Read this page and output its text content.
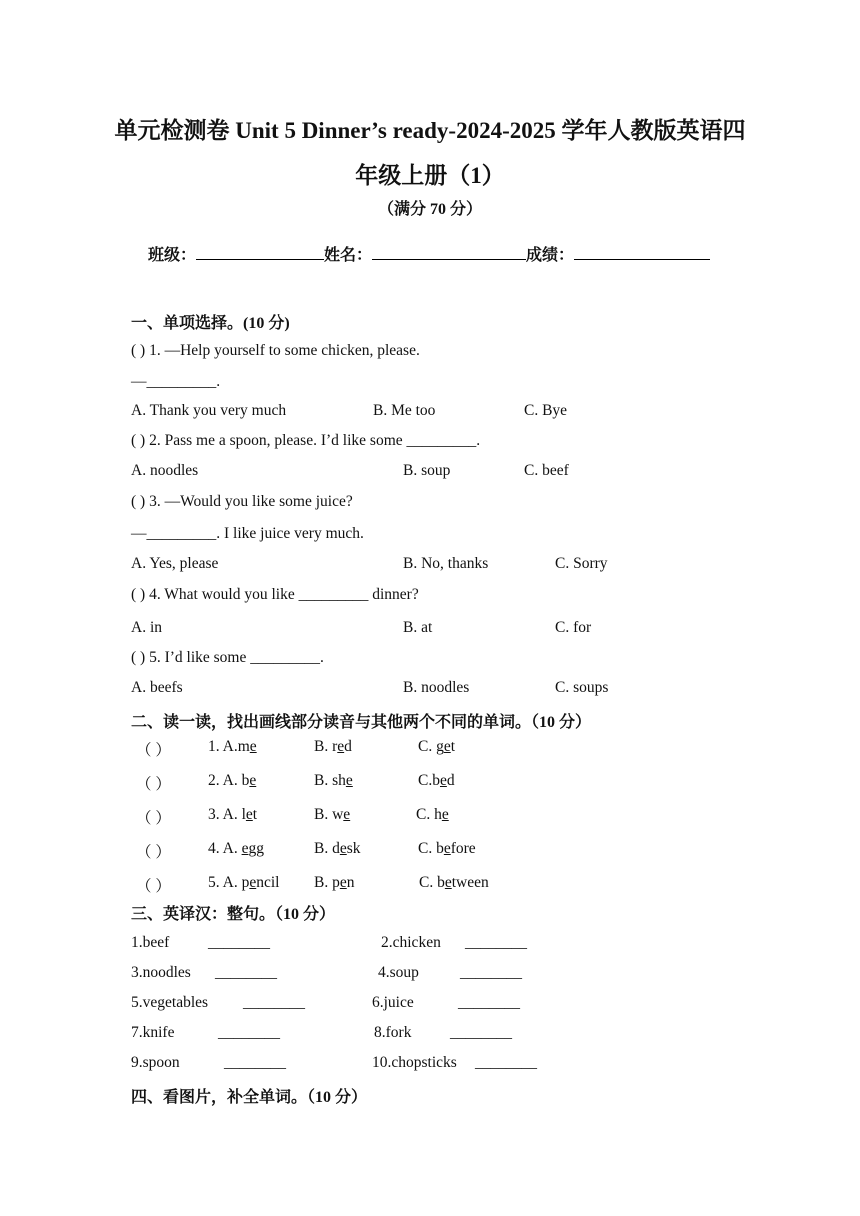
单元检测卷 Unit 5 Dinner’s ready-2024-2025 学年人教版英语四
年级上册（1）
（满分 70 分）
班级：	姓名：	成绩：
一、单项选择。(10 分)
( ) 1. —Help yourself to some chicken, please.
—_________.
A. Thank you very much	B. Me too	C. Bye
( ) 2. Pass me a spoon, please. I’d like some _________.
A. noodles	B. soup	C. beef
( ) 3. —Would you like some juice?
—_________. I like juice very much.
A. Yes, please	B. No, thanks	C. Sorry
( ) 4. What would you like _________ dinner?
A. in	B. at	C. for
( ) 5. I’d like some _________.
A. beefs	B. noodles	C. soups
二、读一读，找出画线部分读音与其他两个不同的单词。（10 分）
（ ） 1. A.me	B. red	C. get
（ ） 2. A. be	B. she	C.bed
（ ） 3. A. let	B. we	C. he
（ ） 4. A. egg	B. desk	C. before
（ ） 5. A. pencil B. pen	C. between
三、英译汉：整句。（10 分）
1.beef ________	2.chicken ________
3.noodles ________	4.soup	________
5.vegetables ________	6.juice	________
7.knife	________	8.fork ________
9.spoon	________	10.chopsticks ________
四、看图片，补全单词。（10 分）
